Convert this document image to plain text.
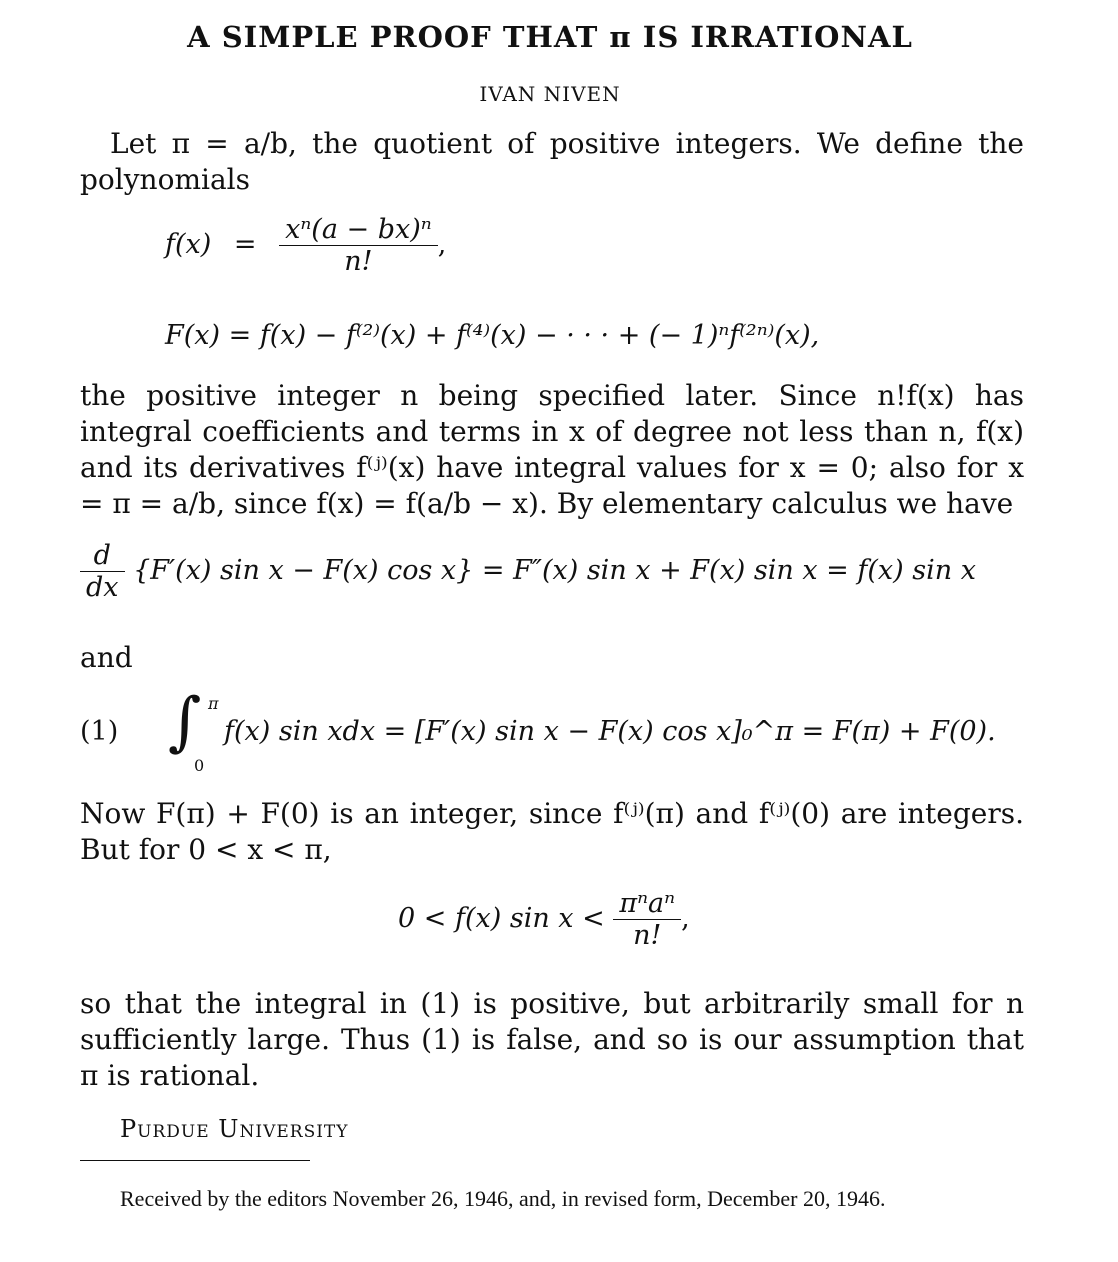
A SIMPLE PROOF THAT π IS IRRATIONAL
IVAN NIVEN
Let π = a/b, the quotient of positive integers. We define the polynomials
$f(x) = \frac{\text{xⁿ(a − bx)ⁿ}}{n!}$ ,
F(x) = f(x) − f⁽²⁾(x) + f⁽⁴⁾(x) − · · · + (− 1)ⁿf⁽²ⁿ⁾(x),
the positive integer n being specified later. Since n!f(x) has integral coefficients and terms in x of degree not less than n, f(x) and its derivatives f⁽ʲ⁾(x) have integral values for x = 0; also for x = π = a/b, since f(x) = f(a/b − x). By elementary calculus we have
$\frac{d}{dx} \{F'(x)$ sin x − F(x) cos x} = F″(x) sin x + F(x) sin x = f(x) sin x
and
(1) ∫ π
0
f(x) sin xdx = [F′(x) sin x − F(x) cos x]₀^π = F(π) + F(0).
Now F(π) + F(0) is an integer, since f⁽ʲ⁾(π) and f⁽ʲ⁾(0) are integers. But for 0 < x < π,
0 < f(x) $\sin x < \frac{\text{πⁿaⁿ}}{n!}$ ,
so that the integral in (1) is positive, but arbitrarily small for n sufficiently large. Thus (1) is false, and so is our assumption that π is rational.
Purdue University
Received by the editors November 26, 1946, and, in revised form, December 20, 1946.
